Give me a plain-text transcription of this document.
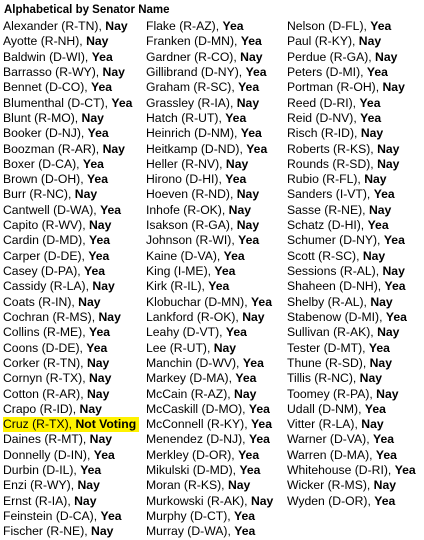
Alphabetical by Senator Name
Alexander (R-TN), Nay
Ayotte (R-NH), Nay
Baldwin (D-WI), Yea
Barrasso (R-WY), Nay
Bennet (D-CO), Yea
Blumenthal (D-CT), Yea
Blunt (R-MO), Nay
Booker (D-NJ), Yea
Boozman (R-AR), Nay
Boxer (D-CA), Yea
Brown (D-OH), Yea
Burr (R-NC), Nay
Cantwell (D-WA), Yea
Capito (R-WV), Nay
Cardin (D-MD), Yea
Carper (D-DE), Yea
Casey (D-PA), Yea
Cassidy (R-LA), Nay
Coats (R-IN), Nay
Cochran (R-MS), Nay
Collins (R-ME), Yea
Coons (D-DE), Yea
Corker (R-TN), Nay
Cornyn (R-TX), Nay
Cotton (R-AR), Nay
Crapo (R-ID), Nay
Cruz (R-TX), Not Voting
Daines (R-MT), Nay
Donnelly (D-IN), Yea
Durbin (D-IL), Yea
Enzi (R-WY), Nay
Ernst (R-IA), Nay
Feinstein (D-CA), Yea
Fischer (R-NE), Nay
Flake (R-AZ), Yea
Franken (D-MN), Yea
Gardner (R-CO), Nay
Gillibrand (D-NY), Yea
Graham (R-SC), Yea
Grassley (R-IA), Nay
Hatch (R-UT), Yea
Heinrich (D-NM), Yea
Heitkamp (D-ND), Yea
Heller (R-NV), Nay
Hirono (D-HI), Yea
Hoeven (R-ND), Nay
Inhofe (R-OK), Nay
Isakson (R-GA), Nay
Johnson (R-WI), Yea
Kaine (D-VA), Yea
King (I-ME), Yea
Kirk (R-IL), Yea
Klobuchar (D-MN), Yea
Lankford (R-OK), Nay
Leahy (D-VT), Yea
Lee (R-UT), Nay
Manchin (D-WV), Yea
Markey (D-MA), Yea
McCain (R-AZ), Nay
McCaskill (D-MO), Yea
McConnell (R-KY), Yea
Menendez (D-NJ), Yea
Merkley (D-OR), Yea
Mikulski (D-MD), Yea
Moran (R-KS), Nay
Murkowski (R-AK), Nay
Murphy (D-CT), Yea
Murray (D-WA), Yea
Nelson (D-FL), Yea
Paul (R-KY), Nay
Perdue (R-GA), Nay
Peters (D-MI), Yea
Portman (R-OH), Nay
Reed (D-RI), Yea
Reid (D-NV), Yea
Risch (R-ID), Nay
Roberts (R-KS), Nay
Rounds (R-SD), Nay
Rubio (R-FL), Nay
Sanders (I-VT), Yea
Sasse (R-NE), Nay
Schatz (D-HI), Yea
Schumer (D-NY), Yea
Scott (R-SC), Nay
Sessions (R-AL), Nay
Shaheen (D-NH), Yea
Shelby (R-AL), Nay
Stabenow (D-MI), Yea
Sullivan (R-AK), Nay
Tester (D-MT), Yea
Thune (R-SD), Nay
Tillis (R-NC), Nay
Toomey (R-PA), Nay
Udall (D-NM), Yea
Vitter (R-LA), Nay
Warner (D-VA), Yea
Warren (D-MA), Yea
Whitehouse (D-RI), Yea
Wicker (R-MS), Nay
Wyden (D-OR), Yea
